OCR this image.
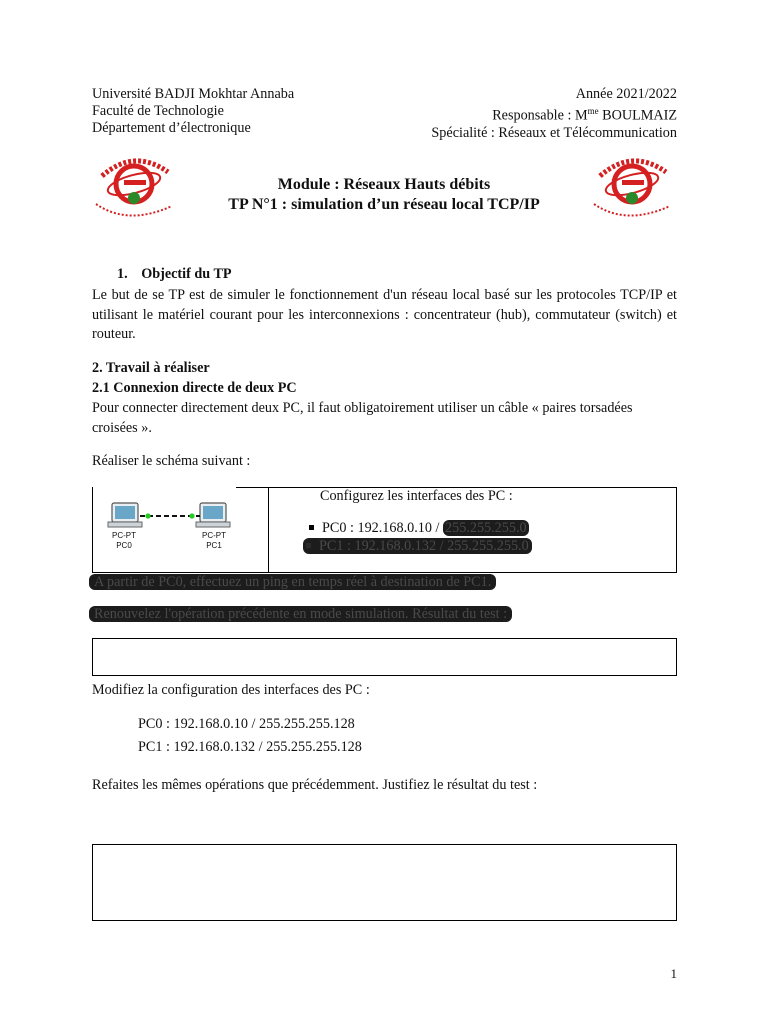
Université BADJI Mokhtar Annaba
Faculté de Technologie
Département d’électronique
Année 2021/2022
Responsable : $M^{me}$ BOULMAIZ
Spécialité : Réseaux et Télécommunication
Module : Réseaux Hauts débits
TP N°1 : simulation d’un réseau local TCP/IP
1. Objectif du TP
Le but de se TP est de simuler le fonctionnement d'un réseau local basé sur les protocoles TCP/IP et utilisant le matériel courant pour les interconnexions : concentrateur (hub), commutateur (switch) et routeur.
2. Travail à réaliser
2.1 Connexion directe de deux PC
Pour connecter directement deux PC, il faut obligatoirement utiliser un câble « paires torsadées croisées ».
Réaliser le schéma suivant :
PC-PT
PC0
PC-PT
PC1
Configurez les interfaces des PC :
PC0 : 192.168.0.10 / 255.255.255.0
PC1 : 192.168.0.132 / 255.255.255.0
A partir de PC0, effectuez un ping en temps réel à destination de PC1.
Renouvelez l'opération précédente en mode simulation. Résultat du test :
Modifiez la configuration des interfaces des PC :
PC0 : 192.168.0.10 / 255.255.255.128
PC1 : 192.168.0.132 / 255.255.255.128
Refaites les mêmes opérations que précédemment. Justifiez le résultat du test :
1
